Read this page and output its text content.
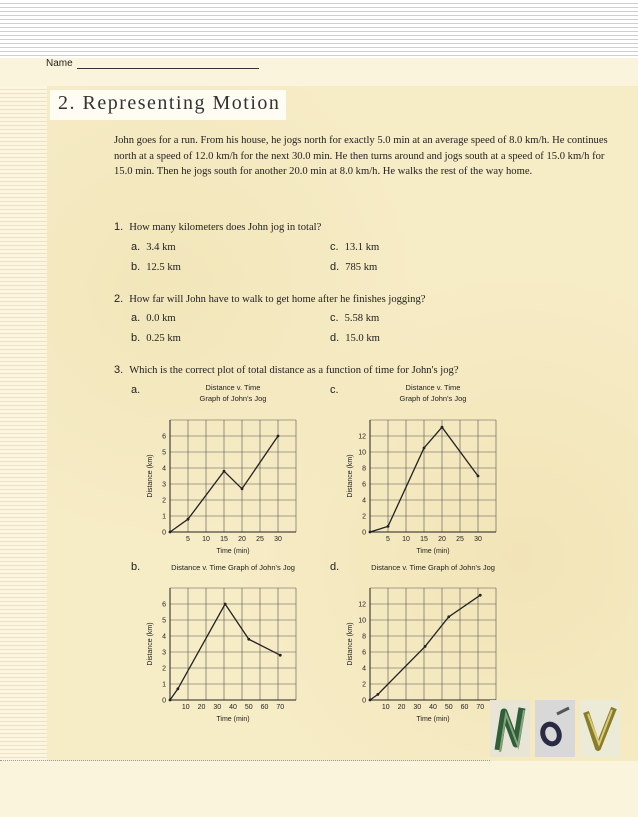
Name
2. Representing Motion
John goes for a run. From his house, he jogs north for exactly 5.0 min at an average speed of 8.0 km/h. He continues north at a speed of 12.0 km/h for the next 30.0 min. He then turns around and jogs south at a speed of 15.0 km/h for 15.0 min. Then he jogs south for another 20.0 min at 8.0 km/h. He walks the rest of the way home.
1. How many kilometers does John jog in total?
a. 3.4 km
b. 12.5 km
c. 13.1 km
d. 785 km
2. How far will John have to walk to get home after he finishes jogging?
a. 0.0 km
b. 0.25 km
c. 5.58 km
d. 15.0 km
3. Which is the correct plot of total distance as a function of time for John's jog?
a.	c.
b.	d.
Distance v. Time
Graph of John's Jog
0
1
2
3
4
5
6
5 10 15 20 25 30
Time (min)
Distance (km)
Distance v. Time
Graph of John's Jog
0
2
4
6
8
10
12
5 10 15 20 25 30
Time (min)
Distance (km)
Distance v. Time Graph of John's Jog
0
1
2
3
4
5
6
10 20 30 40 50 60 70
Time (min)
Distance (km)
Distance v. Time Graph of John's Jog
0
2
4
6
8
10
12
10 20 30 40 50 60 70
Time (min)
Distance (km)
